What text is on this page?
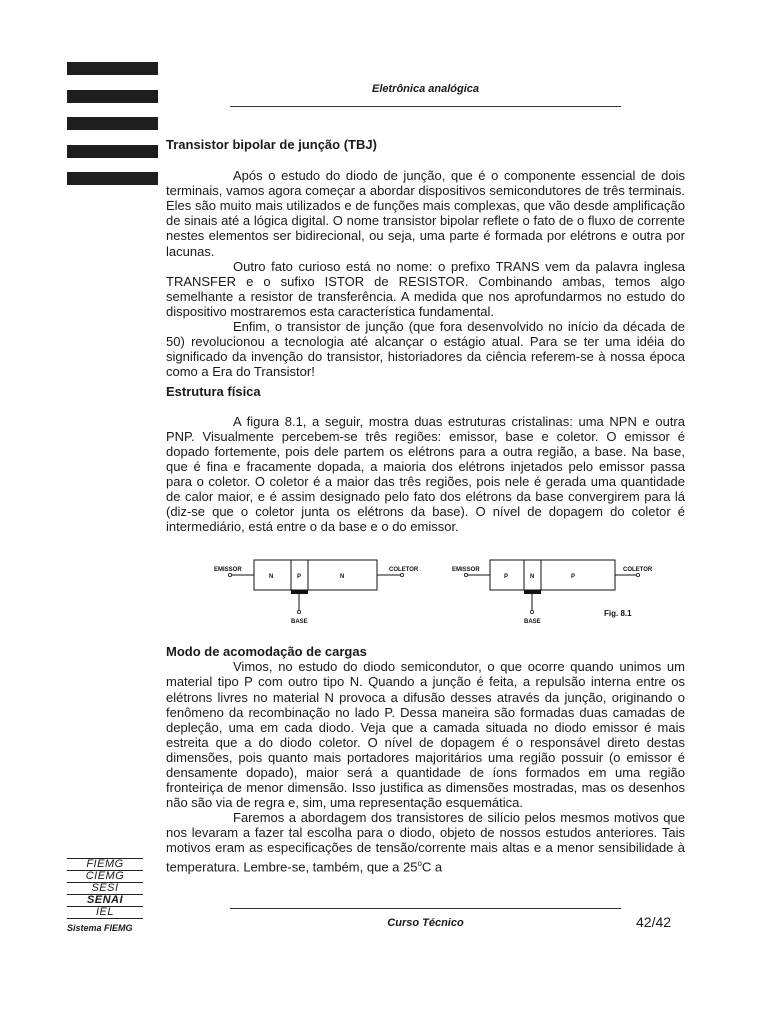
Eletrônica analógica
Transistor bipolar de junção (TBJ)

Após o estudo do diodo de junção, que é o componente essencial de dois terminais, vamos agora começar a abordar dispositivos semicondutores de três terminais. Eles são muito mais utilizados e de funções mais complexas, que vão desde amplificação de sinais até a lógica digital. O nome transistor bipolar reflete o fato de o fluxo de corrente nestes elementos ser bidirecional, ou seja, uma parte é formada por elétrons e outra por lacunas.

Outro fato curioso está no nome: o prefixo TRANS vem da palavra inglesa TRANSFER e o sufixo ISTOR de RESISTOR. Combinando ambas, temos algo semelhante a resistor de transferência. A medida que nos aprofundarmos no estudo do dispositivo mostraremos esta característica fundamental.

Enfim, o transistor de junção (que fora desenvolvido no início da década de 50) revolucionou a tecnologia até alcançar o estágio atual. Para se ter uma idéia do significado da invenção do transistor, historiadores da ciência referem-se à nossa época como a Era do Transistor!

Estrutura física

A figura 8.1, a seguir, mostra duas estruturas cristalinas: uma NPN e outra PNP. Visualmente percebem-se três regiões: emissor, base e coletor. O emissor é dopado fortemente, pois dele partem os elétrons para a outra região, a base. Na base, que é fina e fracamente dopada, a maioria dos elétrons injetados pelo emissor passa para o coletor. O coletor é a maior das três regiões, pois nele é gerada uma quantidade de calor maior, e é assim designado pelo fato dos elétrons da base convergirem para lá (diz-se que o coletor junta os elétrons da base). O nível de dopagem do coletor é intermediário, está entre o da base e o do emissor.

EMISSOR
N	P	N
BASE
COLETOR	EMISSOR
P	N	P
BASE
COLETOR
Fig. 8.1
Modo de acomodação de cargas

Vimos, no estudo do diodo semicondutor, o que ocorre quando unimos um material tipo P com outro tipo N. Quando a junção é feita, a repulsão interna entre os elétrons livres no material N provoca a difusão desses através da junção, originando o fenômeno da recombinação no lado P. Dessa maneira são formadas duas camadas de depleção, uma em cada diodo. Veja que a camada situada no diodo emissor é mais estreita que a do diodo coletor. O nível de dopagem é o responsável direto destas dimensões, pois quanto mais portadores majoritários uma região possuir (o emissor é densamente dopado), maior será a quantidade de íons formados em uma região fronteiriça de menor dimensão. Isso justifica as dimensões mostradas, mas os desenhos não são via de regra e, sim, uma representação esquemática.

Faremos a abordagem dos transistores de silício pelos mesmos motivos que nos levaram a fazer tal escolha para o diodo, objeto de nossos estudos anteriores. Tais motivos eram as especificações de tensão/corrente mais altas e a menor sensibilidade à temperatura. Lembre-se, também, que a 25$^o$C a

Curso Técnico	42/42
FIEMG
CIEMG
SESI
SENAI
IEL
Sistema FIEMG
